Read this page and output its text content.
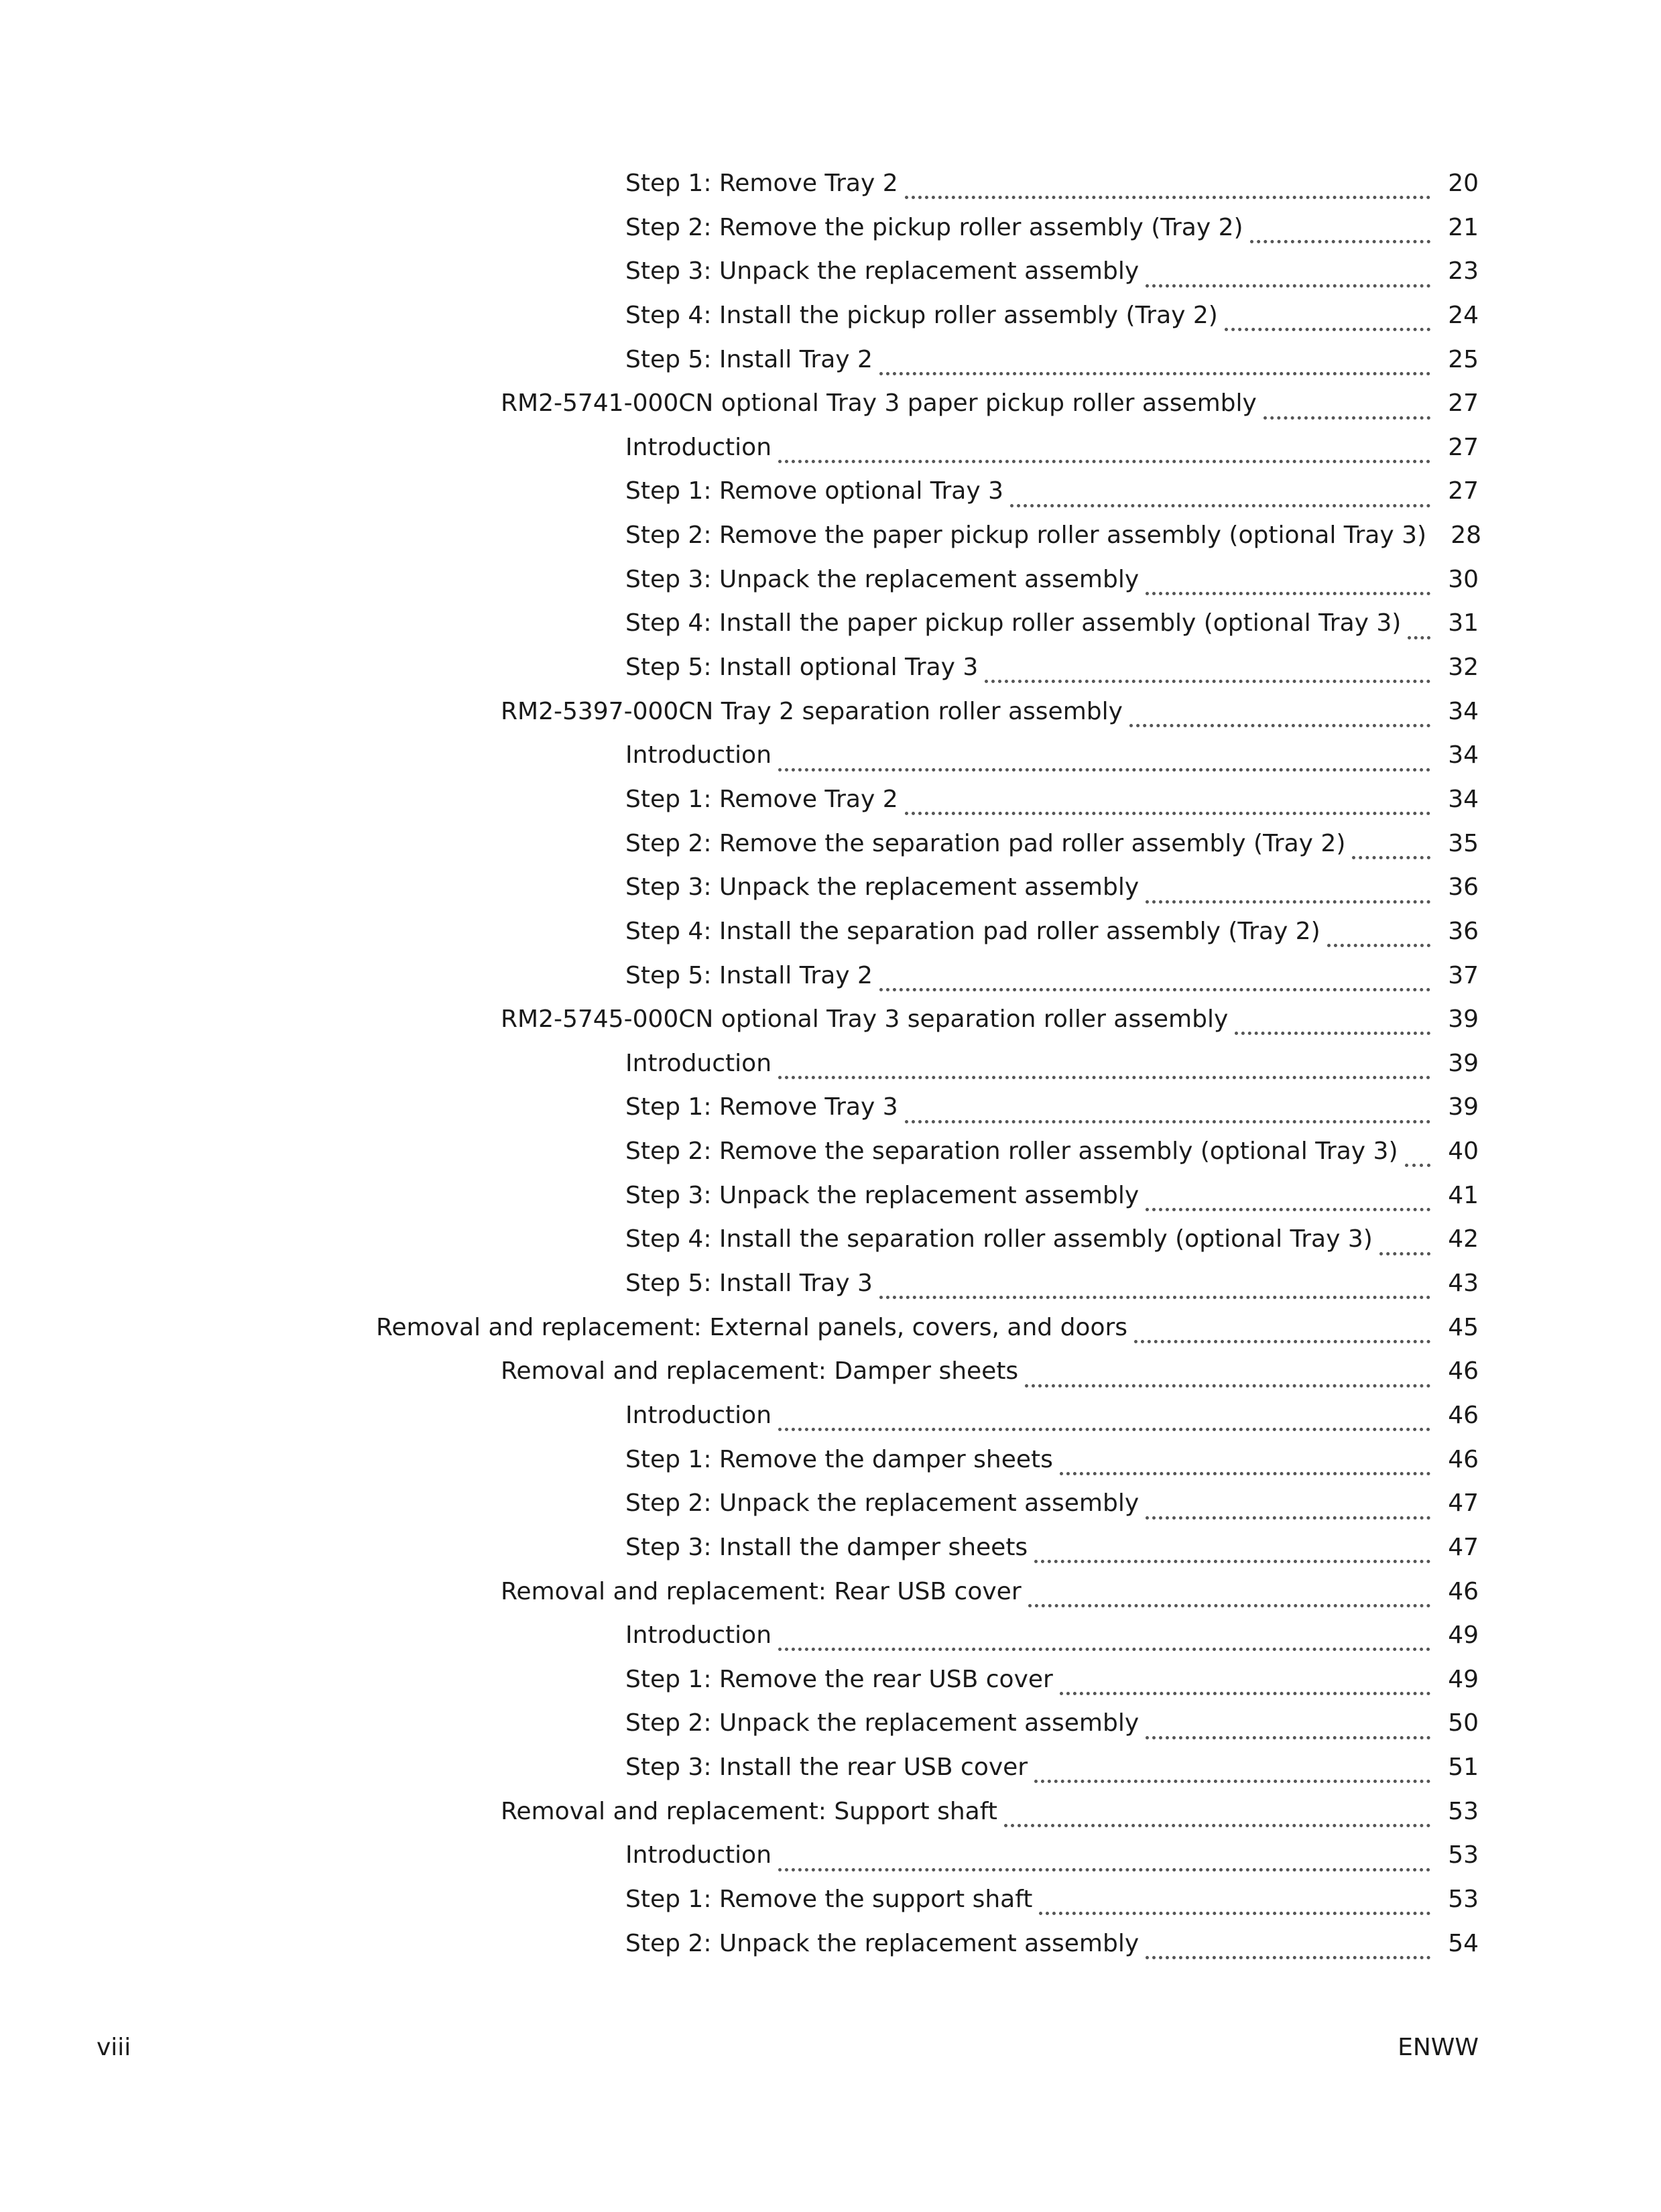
Step 1: Remove Tray 2	20
Step 2: Remove the pickup roller assembly (Tray 2)	21
Step 3: Unpack the replacement assembly	23
Step 4: Install the pickup roller assembly (Tray 2)	24
Step 5: Install Tray 2	25
RM2-5741-000CN optional Tray 3 paper pickup roller assembly	27
Introduction	27
Step 1: Remove optional Tray 3	27
Step 2: Remove the paper pickup roller assembly (optional Tray 3)	28
Step 3: Unpack the replacement assembly	30
Step 4: Install the paper pickup roller assembly (optional Tray 3)	31
Step 5: Install optional Tray 3	32
RM2-5397-000CN Tray 2 separation roller assembly	34
Introduction	34
Step 1: Remove Tray 2	34
Step 2: Remove the separation pad roller assembly (Tray 2)	35
Step 3: Unpack the replacement assembly	36
Step 4: Install the separation pad roller assembly (Tray 2)	36
Step 5: Install Tray 2	37
RM2-5745-000CN optional Tray 3 separation roller assembly	39
Introduction	39
Step 1: Remove Tray 3	39
Step 2: Remove the separation roller assembly (optional Tray 3)	40
Step 3: Unpack the replacement assembly	41
Step 4: Install the separation roller assembly (optional Tray 3)	42
Step 5: Install Tray 3	43
Removal and replacement: External panels, covers, and doors	45
Removal and replacement: Damper sheets	46
Introduction	46
Step 1: Remove the damper sheets	46
Step 2: Unpack the replacement assembly	47
Step 3: Install the damper sheets	47
Removal and replacement: Rear USB cover	46
Introduction	49
Step 1: Remove the rear USB cover	49
Step 2: Unpack the replacement assembly	50
Step 3: Install the rear USB cover	51
Removal and replacement: Support shaft	53
Introduction	53
Step 1: Remove the support shaft	53
Step 2: Unpack the replacement assembly	54
viii	ENWW
